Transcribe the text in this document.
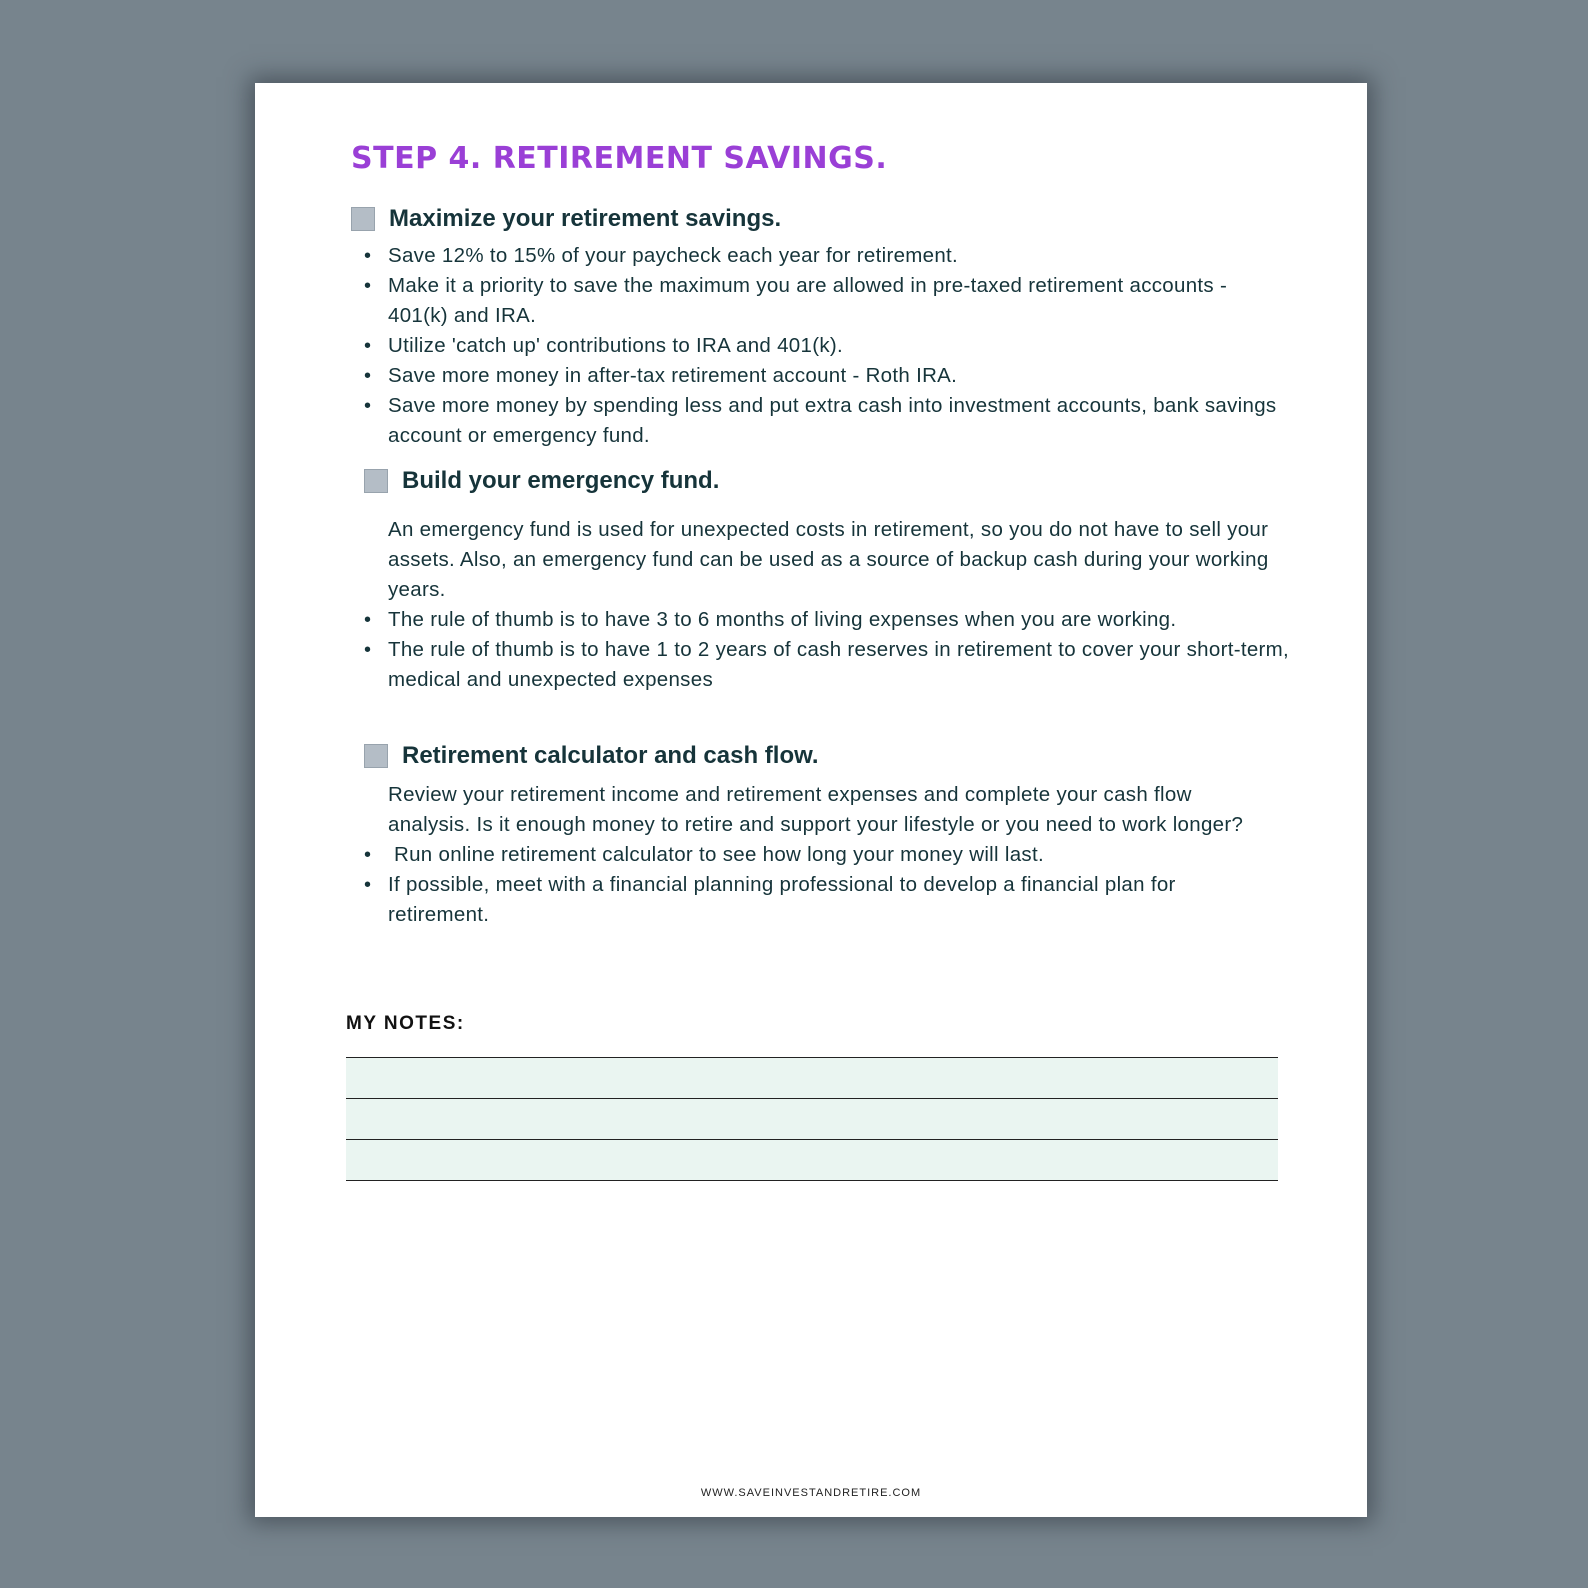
STEP 4. RETIREMENT SAVINGS.
Maximize your retirement savings.
• Save 12% to 15% of your paycheck each year for retirement.
• Make it a priority to save the maximum you are allowed in pre-taxed retirement accounts - 401(k) and IRA.
• Utilize 'catch up' contributions to IRA and 401(k).
• Save more money in after-tax retirement account - Roth IRA.
• Save more money by spending less and put extra cash into investment accounts, bank savings account or emergency fund.
Build your emergency fund.

An emergency fund is used for unexpected costs in retirement, so you do not have to sell your assets. Also, an emergency fund can be used as a source of backup cash during your working years.

• The rule of thumb is to have 3 to 6 months of living expenses when you are working.
• The rule of thumb is to have 1 to 2 years of cash reserves in retirement to cover your short-term, medical and unexpected expenses
Retirement calculator and cash flow.

Review your retirement income and retirement expenses and complete your cash flow analysis. Is it enough money to retire and support your lifestyle or you need to work longer?

•  Run online retirement calculator to see how long your money will last.
• If possible, meet with a financial planning professional to develop a financial plan for retirement.
MY NOTES:
WWW.SAVEINVESTANDRETIRE.COM
